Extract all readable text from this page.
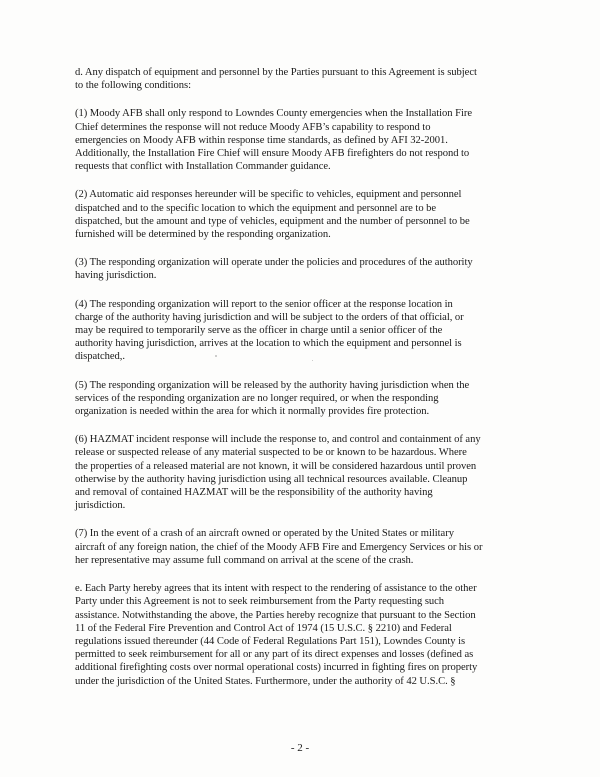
d. Any dispatch of equipment and personnel by the Parties pursuant to this Agreement is subject
to the following conditions:

(1) Moody AFB shall only respond to Lowndes County emergencies when the Installation Fire
Chief determines the response will not reduce Moody AFB’s capability to respond to
emergencies on Moody AFB within response time standards, as defined by AFI 32-2001.
Additionally, the Installation Fire Chief will ensure Moody AFB firefighters do not respond to
requests that conflict with Installation Commander guidance.

(2) Automatic aid responses hereunder will be specific to vehicles, equipment and personnel
dispatched and to the specific location to which the equipment and personnel are to be
dispatched, but the amount and type of vehicles, equipment and the number of personnel to be
furnished will be determined by the responding organization.

(3) The responding organization will operate under the policies and procedures of the authority
having jurisdiction.

(4) The responding organization will report to the senior officer at the response location in
charge of the authority having jurisdiction and will be subject to the orders of that official, or
may be required to temporarily serve as the officer in charge until a senior officer of the
authority having jurisdiction, arrives at the location to which the equipment and personnel is
dispatched,.

(5) The responding organization will be released by the authority having jurisdiction when the
services of the responding organization are no longer required, or when the responding
organization is needed within the area for which it normally provides fire protection.

(6) HAZMAT incident response will include the response to, and control and containment of any
release or suspected release of any material suspected to be or known to be hazardous. Where
the properties of a released material are not known, it will be considered hazardous until proven
otherwise by the authority having jurisdiction using all technical resources available. Cleanup
and removal of contained HAZMAT will be the responsibility of the authority having
jurisdiction.

(7) In the event of a crash of an aircraft owned or operated by the United States or military
aircraft of any foreign nation, the chief of the Moody AFB Fire and Emergency Services or his or
her representative may assume full command on arrival at the scene of the crash.

e. Each Party hereby agrees that its intent with respect to the rendering of assistance to the other
Party under this Agreement is not to seek reimbursement from the Party requesting such
assistance. Notwithstanding the above, the Parties hereby recognize that pursuant to the Section
11 of the Federal Fire Prevention and Control Act of 1974 (15 U.S.C. § 2210) and Federal
regulations issued thereunder (44 Code of Federal Regulations Part 151), Lowndes County is
permitted to seek reimbursement for all or any part of its direct expenses and losses (defined as
additional firefighting costs over normal operational costs) incurred in fighting fires on property
under the jurisdiction of the United States. Furthermore, under the authority of 42 U.S.C. §

- 2 -
